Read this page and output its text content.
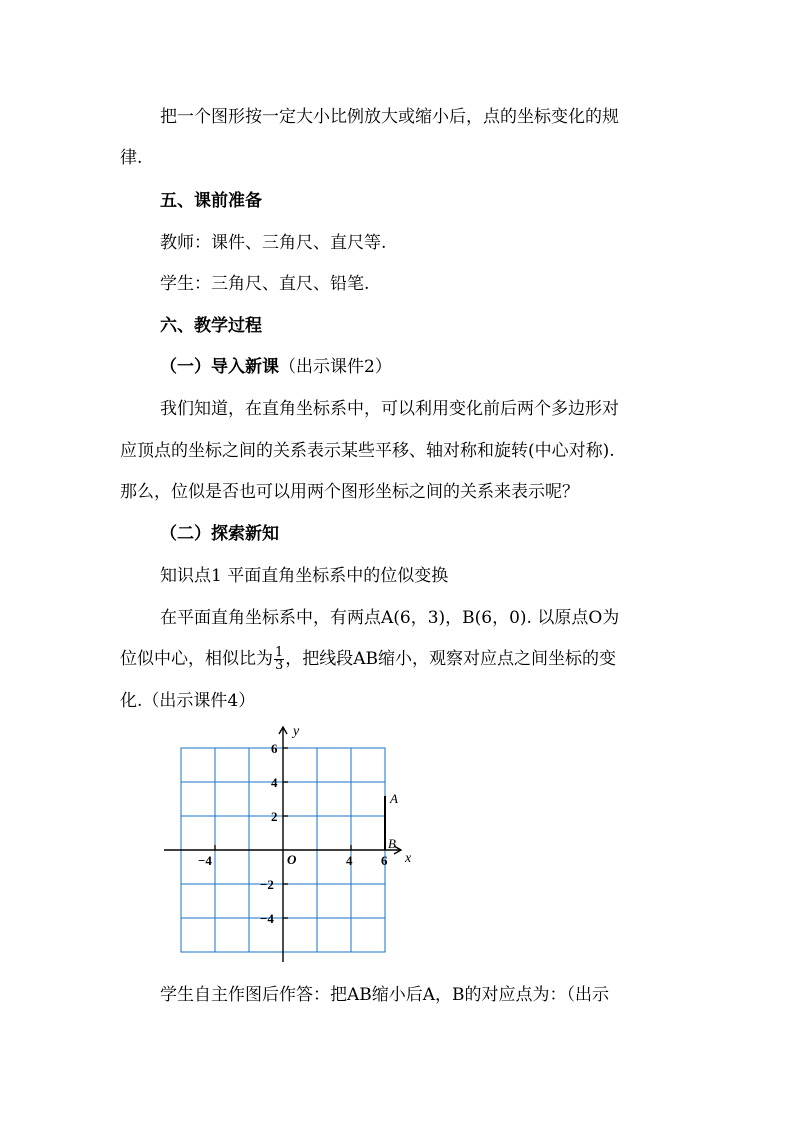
把一个图形按一定大小比例放大或缩小后，点的坐标变化的规
律.
五、课前准备
教师：课件、三角尺、直尺等.
学生：三角尺、直尺、铅笔.
六、教学过程
（一）导入新课（出示课件2）
我们知道，在直角坐标系中，可以利用变化前后两个多边形对
应顶点的坐标之间的关系表示某些平移、轴对称和旋转(中心对称).
那么，位似是否也可以用两个图形坐标之间的关系来表示呢？
（二）探索新知
知识点1 平面直角坐标系中的位似变换
在平面直角坐标系中，有两点A(6，3)，B(6，0). 以原点O为
位似中心，相似比为 $\frac{1}{3}$ ，把线段AB缩小，观察对应点之间坐标的变
化.（出示课件4）
y
x
O
−4	4 6
6
4
2
−2
−4
A
B
学生自主作图后作答：把AB缩小后A，B的对应点为：（出示
